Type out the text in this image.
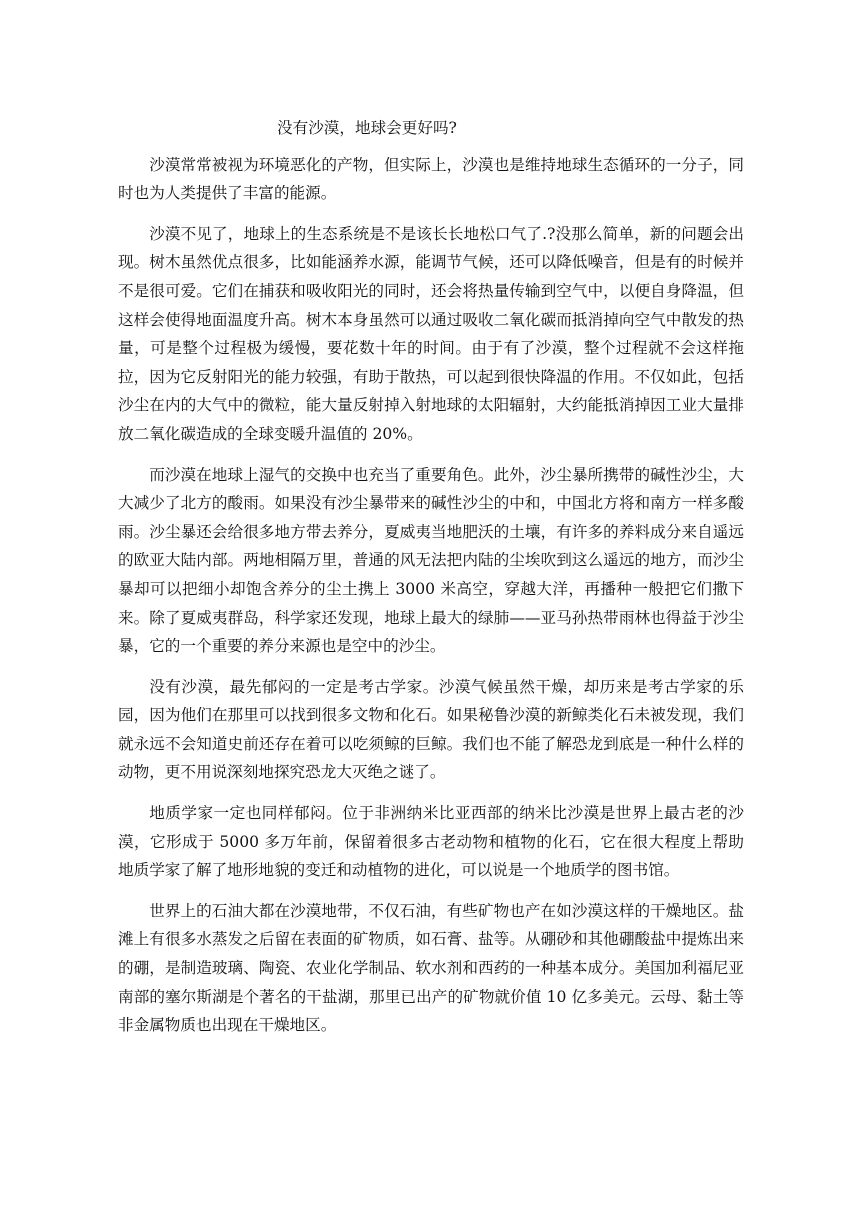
没有沙漠，地球会更好吗?

沙漠常常被视为环境恶化的产物，但实际上，沙漠也是维持地球生态循环的一分子，同时也为人类提供了丰富的能源。

沙漠不见了，地球上的生态系统是不是该长长地松口气了.?没那么简单，新的问题会出现。树木虽然优点很多，比如能涵养水源，能调节气候，还可以降低噪音，但是有的时候并不是很可爱。它们在捕获和吸收阳光的同时，还会将热量传输到空气中，以便自身降温，但这样会使得地面温度升高。树木本身虽然可以通过吸收二氧化碳而抵消掉向空气中散发的热量，可是整个过程极为缓慢，要花数十年的时间。由于有了沙漠，整个过程就不会这样拖拉，因为它反射阳光的能力较强，有助于散热，可以起到很快降温的作用。不仅如此，包括沙尘在内的大气中的微粒，能大量反射掉入射地球的太阳辐射，大约能抵消掉因工业大量排放二氧化碳造成的全球变暖升温值的 20%。

而沙漠在地球上湿气的交换中也充当了重要角色。此外，沙尘暴所携带的碱性沙尘，大大减少了北方的酸雨。如果没有沙尘暴带来的碱性沙尘的中和，中国北方将和南方一样多酸雨。沙尘暴还会给很多地方带去养分，夏威夷当地肥沃的土壤，有许多的养料成分来自遥远的欧亚大陆内部。两地相隔万里，普通的风无法把内陆的尘埃吹到这么遥远的地方，而沙尘暴却可以把细小却饱含养分的尘土携上 3000 米高空，穿越大洋，再播种一般把它们撒下来。除了夏威夷群岛，科学家还发现，地球上最大的绿肺——亚马孙热带雨林也得益于沙尘暴，它的一个重要的养分来源也是空中的沙尘。

没有沙漠，最先郁闷的一定是考古学家。沙漠气候虽然干燥，却历来是考古学家的乐园，因为他们在那里可以找到很多文物和化石。如果秘鲁沙漠的新鲸类化石未被发现，我们就永远不会知道史前还存在着可以吃须鲸的巨鲸。我们也不能了解恐龙到底是一种什么样的动物，更不用说深刻地探究恐龙大灭绝之谜了。

地质学家一定也同样郁闷。位于非洲纳米比亚西部的纳米比沙漠是世界上最古老的沙漠，它形成于 5000 多万年前，保留着很多古老动物和植物的化石，它在很大程度上帮助地质学家了解了地形地貌的变迁和动植物的进化，可以说是一个地质学的图书馆。

世界上的石油大都在沙漠地带，不仅石油，有些矿物也产在如沙漠这样的干燥地区。盐滩上有很多水蒸发之后留在表面的矿物质，如石膏、盐等。从硼砂和其他硼酸盐中提炼出来的硼，是制造玻璃、陶瓷、农业化学制品、软水剂和西药的一种基本成分。美国加利福尼亚南部的塞尔斯湖是个著名的干盐湖，那里已出产的矿物就价值 10 亿多美元。云母、黏土等非金属物质也出现在干燥地区。
